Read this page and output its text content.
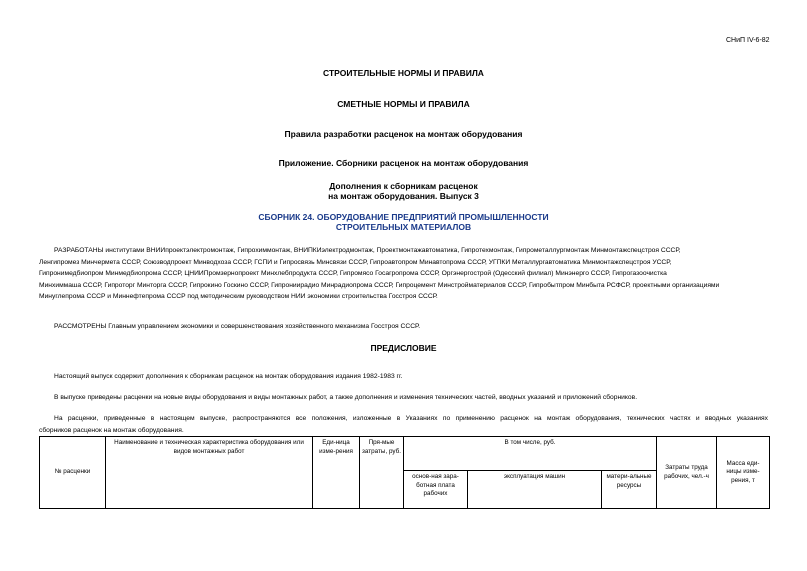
СНиП IV-6-82
СТРОИТЕЛЬНЫЕ НОРМЫ И ПРАВИЛА
СМЕТНЫЕ НОРМЫ И ПРАВИЛА
Правила разработки расценок на монтаж оборудования
Приложение. Сборники расценок на монтаж оборудования
Дополнения к сборникам расценок
на монтаж оборудования. Выпуск 3
СБОРНИК 24. ОБОРУДОВАНИЕ ПРЕДПРИЯТИЙ ПРОМЫШЛЕННОСТИ
СТРОИТЕЛЬНЫХ МАТЕРИАЛОВ
РАЗРАБОТАНЫ институтами ВНИИпроектэлектромонтаж, Гипрохиммонтаж, ВНИПКИэлектродмонтаж, Проектмонтажавтоматика, Гипротехмонтаж, Гипрометаллургмонтаж Минмонтажспецстроя СССР,
Ленгипромез Минчермета СССР, Союзводпроект Минводхоза СССР, ГСПИ и Гипросвязь Минсвязи СССР, Гипроавтопром Минавтопрома СССР, УГПКИ Металлургавтоматика Минмонтажспецстроя УССР,
Гипронимедбиопром Минмедбиопрома СССР, ЦНИИПромзернопроект Минхлебпродукта СССР, Гипромясо Госагропрома СССР, Оргэнергострой (Одесский филиал) Минэнерго СССР, Гипрогазоочистка
Минхиммаша СССР, Гипроторг Минторга СССР, Гипрокино Госкино СССР, Гипрониирадио Минрадиопрома СССР, Гипроцемент Минстройматериалов СССР, Гипробытпром Минбыта РСФСР, проектными организациями
Минуглепрома СССР и Миннефтепрома СССР под методическим руководством НИИ экономики строительства Госстроя СССР.
РАССМОТРЕНЫ Главным управлением экономики и совершенствования хозяйственного механизма Госстроя СССР.
ПРЕДИСЛОВИЕ
Настоящий выпуск содержит дополнения к сборникам расценок на монтаж оборудования издания 1982-1983 гг.
В выпуске приведены расценки на новые виды оборудования и виды монтажных работ, а также дополнения и изменения технических частей, вводных указаний и приложений сборников.
На расценки, приведенные в настоящем выпуске, распространяются все положения, изложенные в Указаниях по применению расценок на монтаж оборудования, технических частях и вводных указаниях
сборников расценок на монтаж оборудования.
№ расценки	Наименование и техническая характеристика оборудования или видов монтажных работ	Еди-ница изме-рения	Пря-мые затраты, руб.	В том числе, руб.			Затраты труда рабочих, чел.-ч	Масса еди-ницы изме-рения, т
				основ-ная зара-ботная плата рабочих	эксплуатация машин	матери-альные ресурсы		
